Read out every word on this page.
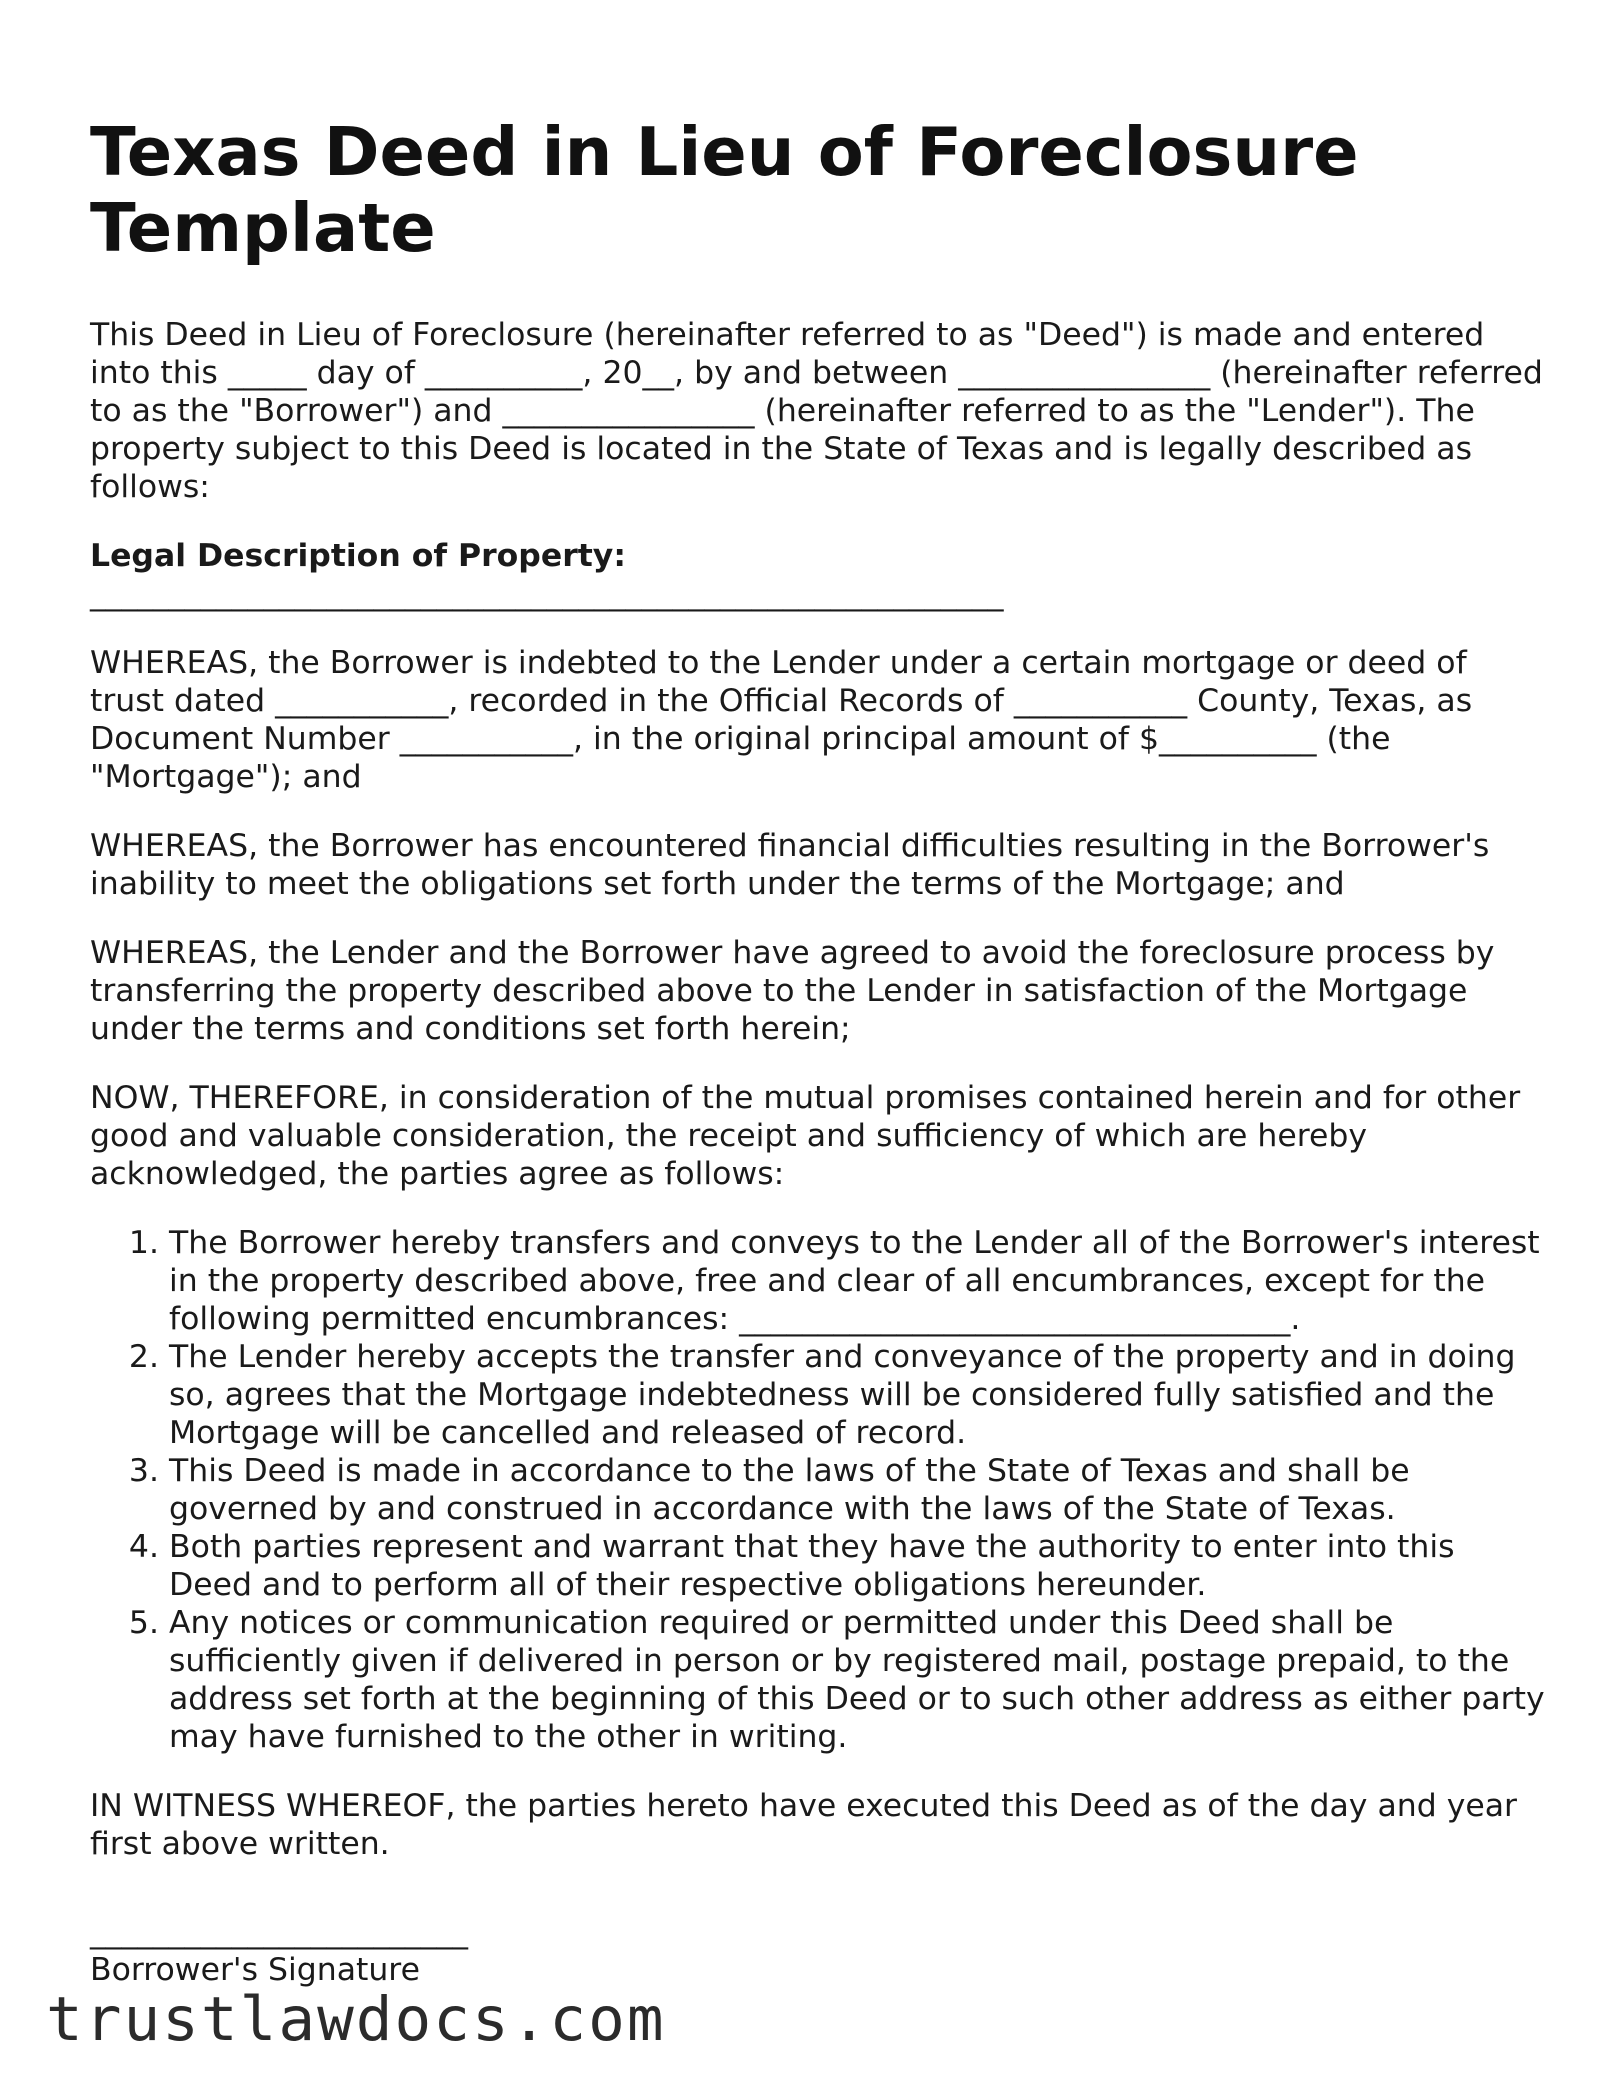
Texas Deed in Lieu of Foreclosure Template

This Deed in Lieu of Foreclosure (hereinafter referred to as "Deed") is made and entered into this _____ day of __________, 20__, by and between ________________ (hereinafter referred to as the "Borrower") and ________________ (hereinafter referred to as the "Lender"). The property subject to this Deed is located in the State of Texas and is legally described as follows:

Legal Description of Property:

__________________________________________________________

WHEREAS, the Borrower is indebted to the Lender under a certain mortgage or deed of trust dated ___________, recorded in the Official Records of ___________ County, Texas, as Document Number ___________, in the original principal amount of $__________ (the "Mortgage"); and

WHEREAS, the Borrower has encountered financial difficulties resulting in the Borrower's inability to meet the obligations set forth under the terms of the Mortgage; and

WHEREAS, the Lender and the Borrower have agreed to avoid the foreclosure process by transferring the property described above to the Lender in satisfaction of the Mortgage under the terms and conditions set forth herein;

NOW, THEREFORE, in consideration of the mutual promises contained herein and for other good and valuable consideration, the receipt and sufficiency of which are hereby acknowledged, the parties agree as follows:

1. The Borrower hereby transfers and conveys to the Lender all of the Borrower's interest in the property described above, free and clear of all encumbrances, except for the following permitted encumbrances: ___________________________________.
2. The Lender hereby accepts the transfer and conveyance of the property and in doing so, agrees that the Mortgage indebtedness will be considered fully satisfied and the Mortgage will be cancelled and released of record.
3. This Deed is made in accordance to the laws of the State of Texas and shall be governed by and construed in accordance with the laws of the State of Texas.
4. Both parties represent and warrant that they have the authority to enter into this Deed and to perform all of their respective obligations hereunder.
5. Any notices or communication required or permitted under this Deed shall be sufficiently given if delivered in person or by registered mail, postage prepaid, to the address set forth at the beginning of this Deed or to such other address as either party may have furnished to the other in writing.

IN WITNESS WHEREOF, the parties hereto have executed this Deed as of the day and year first above written.

________________________

Borrower's Signature

trustlawdocs.com
